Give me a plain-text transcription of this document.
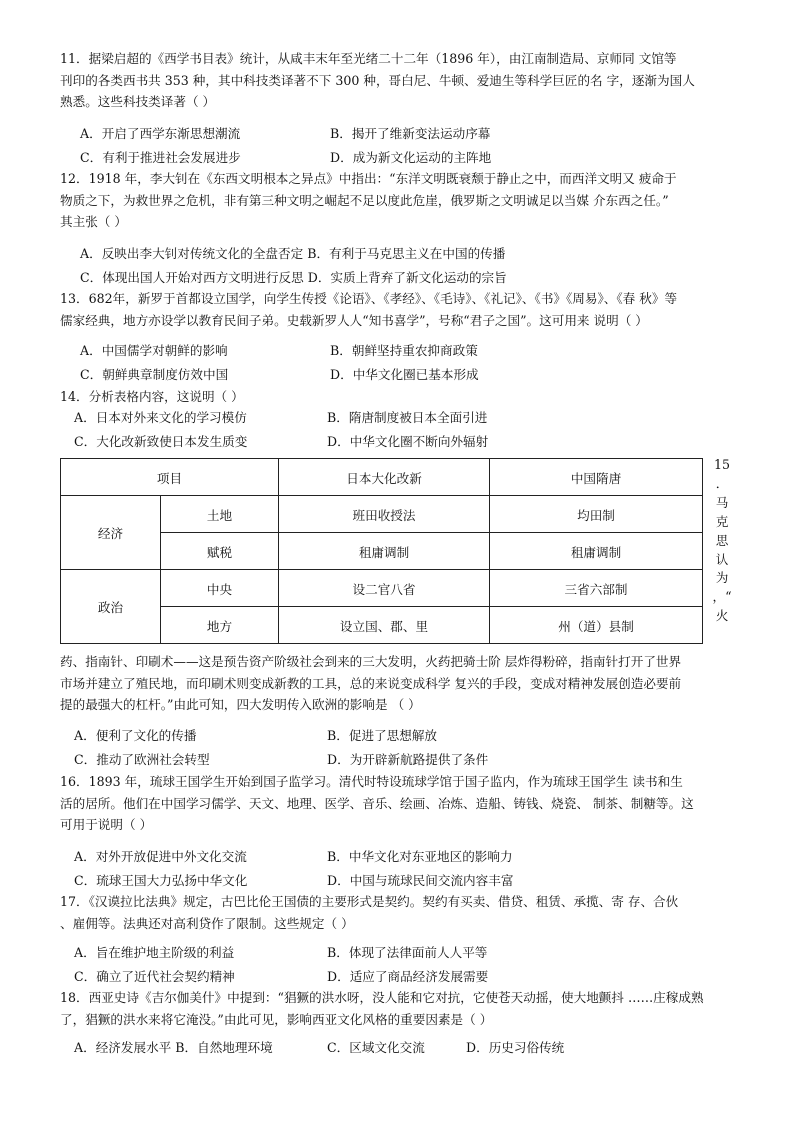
11．据梁启超的《西学书目表》统计，从咸丰末年至光绪二十二年（1896 年），由江南制造局、京师同 文馆等
刊印的各类西书共 353 种，其中科技类译著不下 300 种，哥白尼、牛顿、爱迪生等科学巨匠的名 字，逐渐为国人
熟悉。这些科技类译著（ ）

A．开启了西学东渐思想潮流	B．揭开了维新变法运动序幕
C．有利于推进社会发展进步	D．成为新文化运动的主阵地

12．1918 年，李大钊在《东西文明根本之异点》中指出：“东洋文明既衰颓于静止之中，而西洋文明又 疲命于
物质之下，为救世界之危机，非有第三种文明之崛起不足以度此危崖，俄罗斯之文明诚足以当媒 介东西之任。”
其主张（ ）

A．反映出李大钊对传统文化的全盘否定 B．有利于马克思主义在中国的传播
C．体现出国人开始对西方文明进行反思 D．实质上背弃了新文化运动的宗旨

13．682年，新罗于首都设立国学，向学生传授《论语》、《孝经》、《毛诗》、《礼记》、《书》《周易》、《春 秋》等
儒家经典，地方亦设学以教育民间子弟。史载新罗人人“知书喜学”，号称“君子之国”。这可用来 说明（ ）

A．中国儒学对朝鲜的影响	B．朝鲜坚持重农抑商政策
C．朝鲜典章制度仿效中国	D．中华文化圈已基本形成

14．分析表格内容，这说明（ ）

A．日本对外来文化的学习模仿	B．隋唐制度被日本全面引进
C．大化改新致使日本发生质变	D．中华文化圈不断向外辐射
项目		日本大化改新	中国隋唐
经济	土地	班田收授法	均田制
	赋税	租庸调制	租庸调制
政治	中央	设二官八省	三省六部制
	地方	设立国、郡、里	州（道）县制
15
．
马
克
思
认
为
，“
火

药、指南针、印刷术——这是预告资产阶级社会到来的三大发明，火药把骑士阶 层炸得粉碎，指南针打开了世界
市场并建立了殖民地，而印刷术则变成新教的工具，总的来说变成科学 复兴的手段，变成对精神发展创造必要前
提的最强大的杠杆。”由此可知，四大发明传入欧洲的影响是 （ ）

A．便利了文化的传播	B．促进了思想解放
C．推动了欧洲社会转型	D．为开辟新航路提供了条件

16．1893 年，琉球王国学生开始到国子监学习。清代时特设琉球学馆于国子监内，作为琉球王国学生 读书和生
活的居所。他们在中国学习儒学、天文、地理、医学、音乐、绘画、冶炼、造船、铸钱、烧瓷、 制茶、制糖等。这
可用于说明（ ）

A．对外开放促进中外文化交流	B．中华文化对东亚地区的影响力
C．琉球王国大力弘扬中华文化	D．中国与琉球民间交流内容丰富

17．《汉谟拉比法典》规定，古巴比伦王国债的主要形式是契约。契约有买卖、借贷、租赁、承揽、寄 存、合伙
、雇佣等。法典还对高利贷作了限制。这些规定（ ）

A．旨在维护地主阶级的利益	B．体现了法律面前人人平等
C．确立了近代社会契约精神	D．适应了商品经济发展需要

18．西亚史诗《吉尔伽美什》中提到：“猖獗的洪水呀，没人能和它对抗，它使苍天动摇，使大地颤抖 ……庄稼成熟
了，猖獗的洪水来将它淹没。”由此可见，影响西亚文化风格的重要因素是（ ）

A．经济发展水平 B．自然地理环境	C．区域文化交流	D．历史习俗传统
